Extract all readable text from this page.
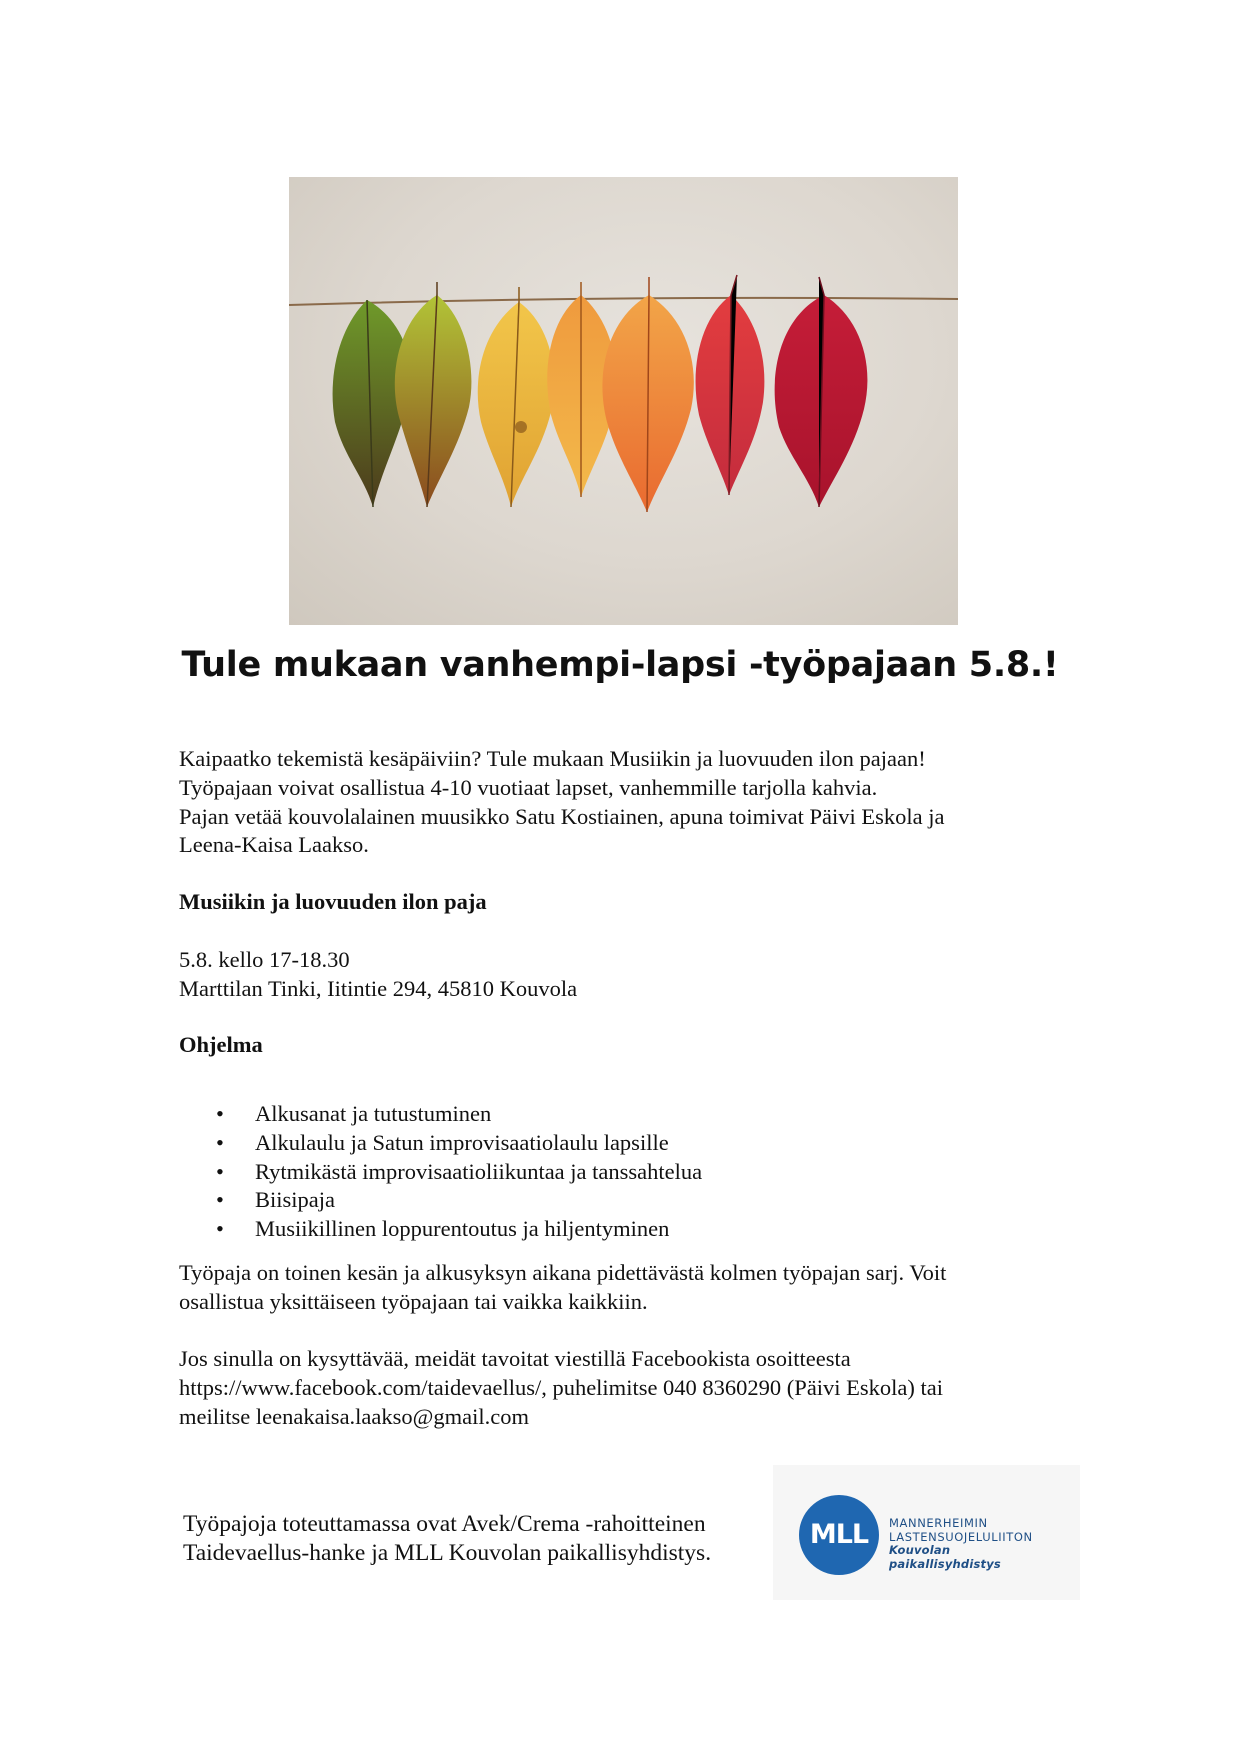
Tule mukaan vanhempi-lapsi -työpajaan 5.8.!

Kaipaatko tekemistä kesäpäiviin? Tule mukaan Musiikin ja luovuuden ilon pajaan!

Työpajaan voivat osallistua 4-10 vuotiaat lapset, vanhemmille tarjolla kahvia.

Pajan vetää kouvolalainen muusikko Satu Kostiainen, apuna toimivat Päivi Eskola ja

Leena-Kaisa Laakso.

Musiikin ja luovuuden ilon paja

5.8. kello 17-18.30

Marttilan Tinki, Iitintie 294, 45810 Kouvola

Ohjelma
• Alkusanat ja tutustuminen
• Alkulaulu ja Satun improvisaatiolaulu lapsille
• Rytmikästä improvisaatioliikuntaa ja tanssahtelua
• Biisipaja
• Musiikillinen loppurentoutus ja hiljentyminen

Työpaja on toinen kesän ja alkusyksyn aikana pidettävästä kolmen työpajan sarj. Voit

osallistua yksittäiseen työpajaan tai vaikka kaikkiin.

Jos sinulla on kysyttävää, meidät tavoitat viestillä Facebookista osoitteesta

https://www.facebook.com/taidevaellus/, puhelimitse 040 8360290 (Päivi Eskola) tai

meilitse leenakaisa.laakso@gmail.com

Työpajoja toteuttamassa ovat Avek/Crema -rahoitteinen
Taidevaellus-hanke ja MLL Kouvolan paikallisyhdistys.
MLL	MANNERHEIMIN
LASTENSUOJELULIITON
Kouvolan
paikallisyhdistys
